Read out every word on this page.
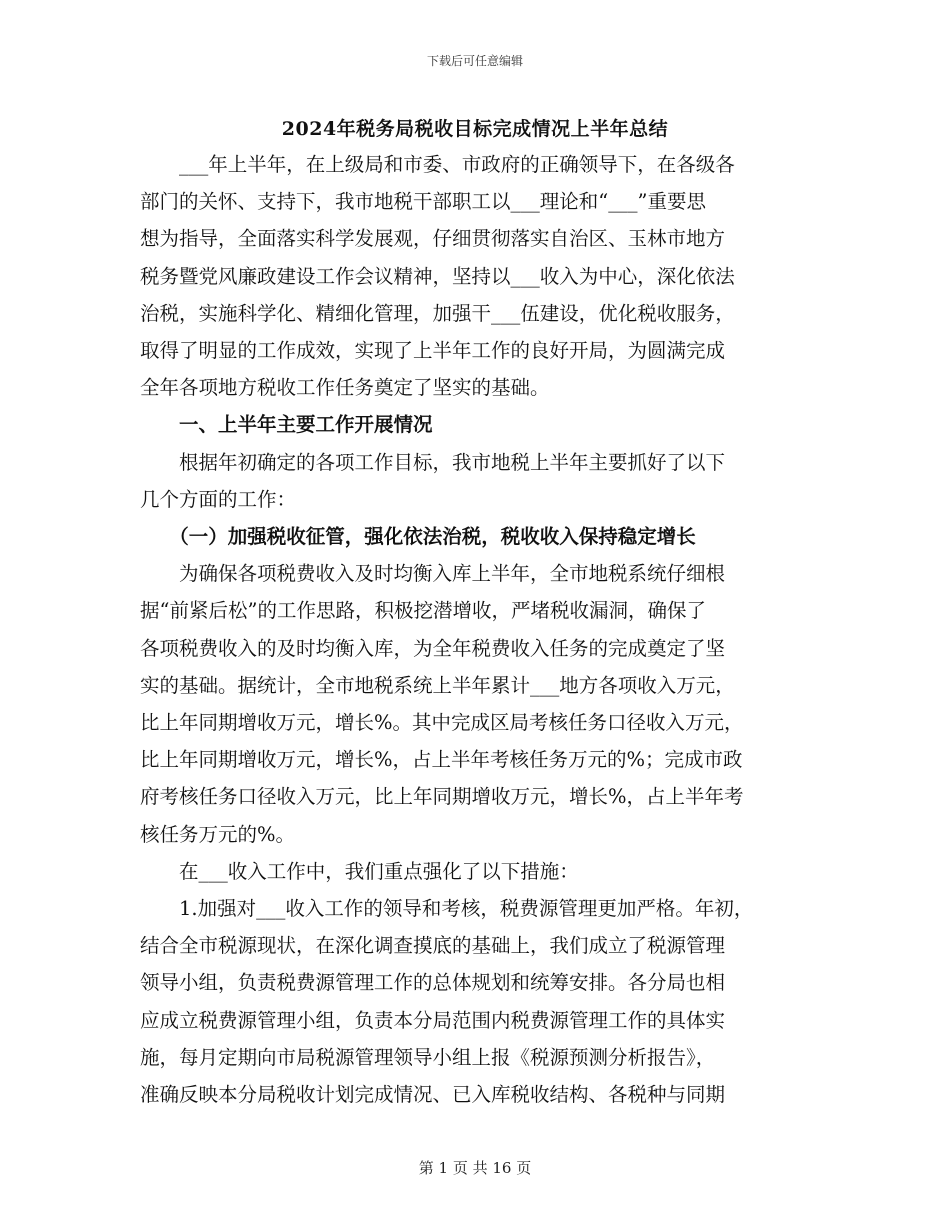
下载后可任意编辑
2024年税务局税收目标完成情况上半年总结
　　___年上半年，在上级局和市委、市政府的正确领导下，在各级各
部门的关怀、支持下，我市地税干部职工以___理论和“___”重要思
想为指导，全面落实科学发展观，仔细贯彻落实自治区、玉林市地方
税务暨党风廉政建设工作会议精神，坚持以___收入为中心，深化依法
治税，实施科学化、精细化管理，加强干___伍建设，优化税收服务，
取得了明显的工作成效，实现了上半年工作的良好开局，为圆满完成
全年各项地方税收工作任务奠定了坚实的基础。
　　一、上半年主要工作开展情况
　　根据年初确定的各项工作目标，我市地税上半年主要抓好了以下
几个方面的工作：
　　（一）加强税收征管，强化依法治税，税收收入保持稳定增长
　　为确保各项税费收入及时均衡入库上半年，全市地税系统仔细根
据“前紧后松”的工作思路，积极挖潜增收，严堵税收漏洞，确保了
各项税费收入的及时均衡入库，为全年税费收入任务的完成奠定了坚
实的基础。据统计，全市地税系统上半年累计___地方各项收入万元，
比上年同期增收万元，增长%。其中完成区局考核任务口径收入万元，
比上年同期增收万元，增长%，占上半年考核任务万元的%；完成市政
府考核任务口径收入万元，比上年同期增收万元，增长%，占上半年考
核任务万元的%。
　　在___收入工作中，我们重点强化了以下措施：
　　1.加强对___收入工作的领导和考核，税费源管理更加严格。年初，
结合全市税源现状，在深化调查摸底的基础上，我们成立了税源管理
领导小组，负责税费源管理工作的总体规划和统筹安排。各分局也相
应成立税费源管理小组，负责本分局范围内税费源管理工作的具体实
施，每月定期向市局税源管理领导小组上报《税源预测分析报告》，
准确反映本分局税收计划完成情况、已入库税收结构、各税种与同期
第 1 页 共 16 页
